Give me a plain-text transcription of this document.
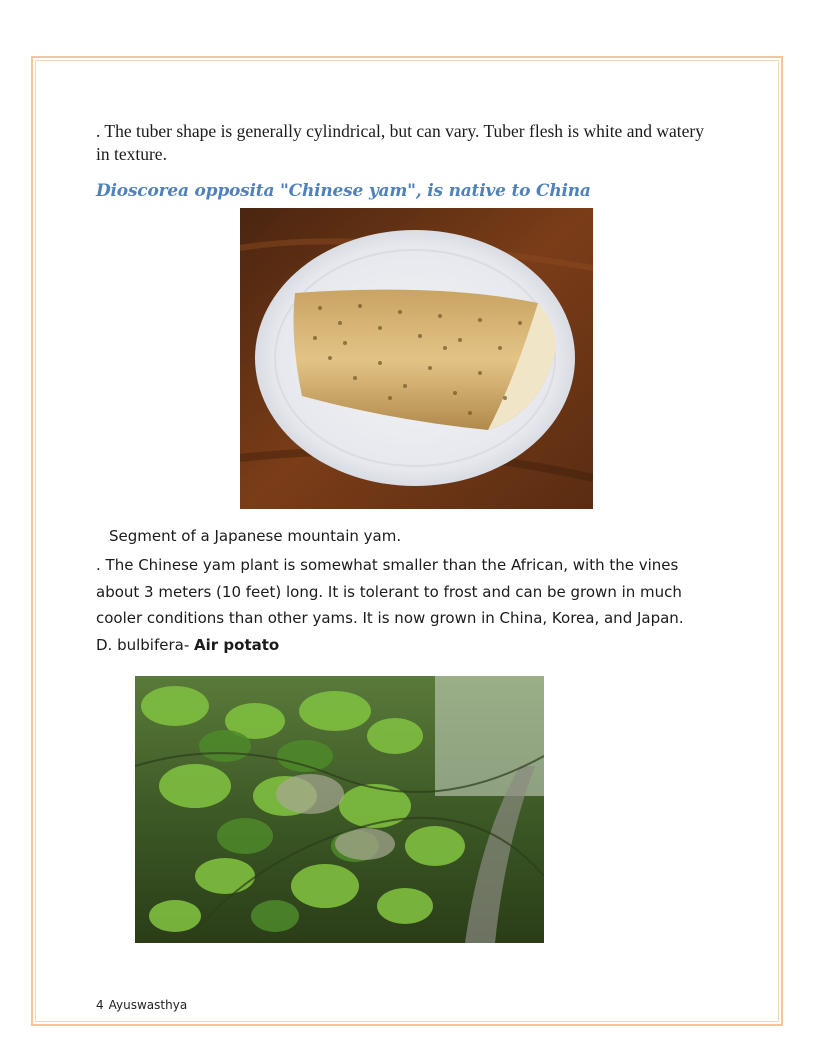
. The tuber shape is generally cylindrical, but can vary. Tuber flesh is white and watery in texture.

Dioscorea opposita "Chinese yam", is native to China
Segment of a Japanese mountain yam.
. The Chinese yam plant is somewhat smaller than the African, with the vines
about 3 meters (10 feet) long. It is tolerant to frost and can be grown in much
cooler conditions than other yams. It is now grown in China, Korea, and Japan.
D. bulbifera- Air potato
4 Ayuswasthya
